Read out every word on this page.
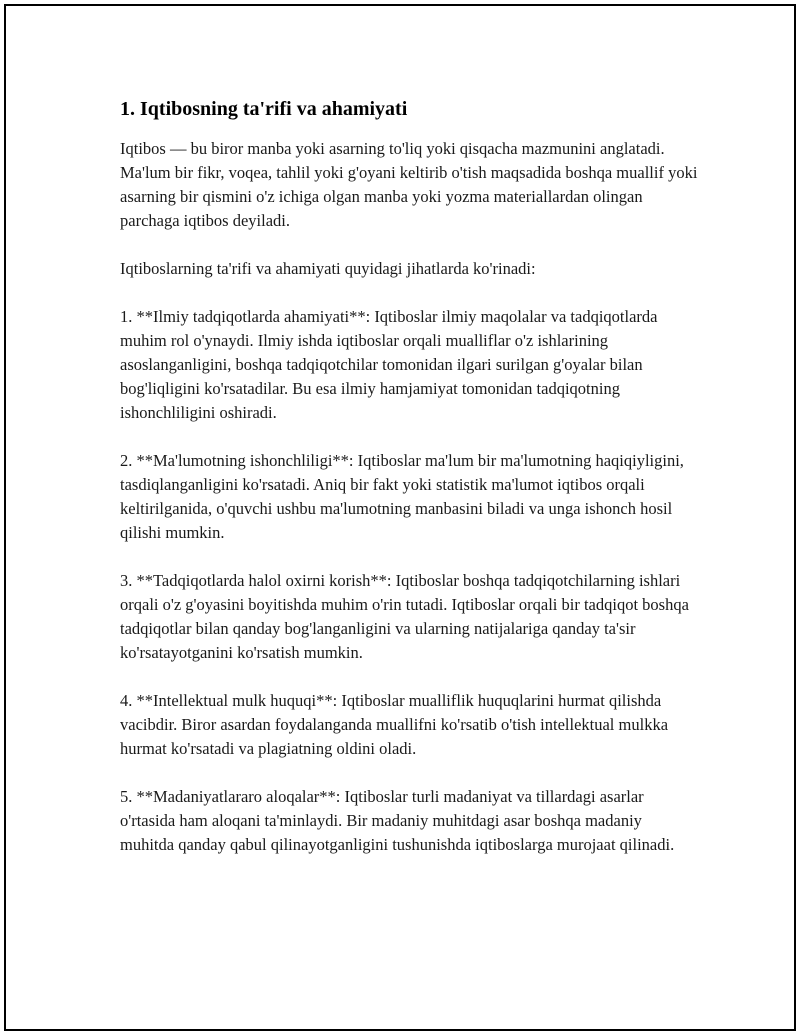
1. Iqtibosning ta'rifi va ahamiyati

Iqtibos — bu biror manba yoki asarning to'liq yoki qisqacha mazmunini anglatadi. Ma'lum bir fikr, voqea, tahlil yoki g'oyani keltirib o'tish maqsadida boshqa muallif yoki asarning bir qismini o'z ichiga olgan manba yoki yozma materiallardan olingan parchaga iqtibos deyiladi.

Iqtiboslarning ta'rifi va ahamiyati quyidagi jihatlarda ko'rinadi:

1. **Ilmiy tadqiqotlarda ahamiyati**: Iqtiboslar ilmiy maqolalar va tadqiqotlarda muhim rol o'ynaydi. Ilmiy ishda iqtiboslar orqali mualliflar o'z ishlarining asoslanganligini, boshqa tadqiqotchilar tomonidan ilgari surilgan g'oyalar bilan bog'liqligini ko'rsatadilar. Bu esa ilmiy hamjamiyat tomonidan tadqiqotning ishonchliligini oshiradi.

2. **Ma'lumotning ishonchliligi**: Iqtiboslar ma'lum bir ma'lumotning haqiqiyligini, tasdiqlanganligini ko'rsatadi. Aniq bir fakt yoki statistik ma'lumot iqtibos orqali keltirilganida, o'quvchi ushbu ma'lumotning manbasini biladi va unga ishonch hosil qilishi mumkin.

3. **Tadqiqotlarda halol oxirni korish**: Iqtiboslar boshqa tadqiqotchilarning ishlari orqali o'z g'oyasini boyitishda muhim o'rin tutadi. Iqtiboslar orqali bir tadqiqot boshqa tadqiqotlar bilan qanday bog'langanligini va ularning natijalariga qanday ta'sir ko'rsatayotganini ko'rsatish mumkin.

4. **Intellektual mulk huquqi**: Iqtiboslar mualliflik huquqlarini hurmat qilishda vacibdir. Biror asardan foydalanganda muallifni ko'rsatib o'tish intellektual mulkka hurmat ko'rsatadi va plagiatning oldini oladi.

5. **Madaniyatlararo aloqalar**: Iqtiboslar turli madaniyat va tillardagi asarlar o'rtasida ham aloqani ta'minlaydi. Bir madaniy muhitdagi asar boshqa madaniy muhitda qanday qabul qilinayotganligini tushunishda iqtiboslarga murojaat qilinadi.
